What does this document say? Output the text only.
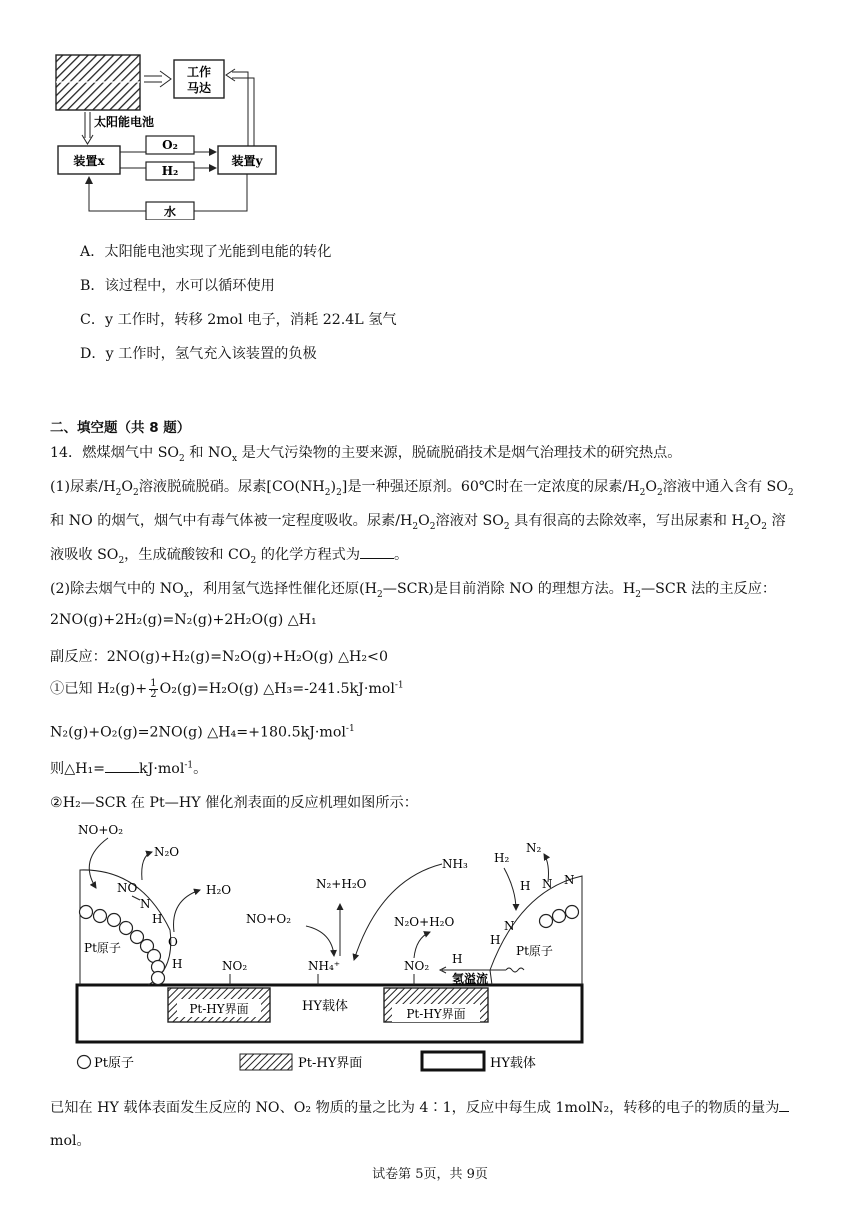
工作
马达
太阳能电池
装置x	装置y
O₂
H₂
水
A．太阳能电池实现了光能到电能的转化
B．该过程中，水可以循环使用
C．y 工作时，转移 2mol 电子，消耗 22.4L 氢气
D．y 工作时，氢气充入该装置的负极
二、填空题（共 8 题）
14．燃煤烟气中 $SO_2$ 和 $NO_x$ 是大气污染物的主要来源，脱硫脱硝技术是烟气治理技术的研究热点。
(1)尿素$/H_2O_2$溶液脱硫脱硝。尿素$[CO(NH_2)_2]$是一种强还原剂。60℃时在一定浓度的尿素$/H_2O_2$溶液中通入含有 $SO_2$
和 NO 的烟气，烟气中有毒气体被一定程度吸收。尿素$/H_2O_2$溶液对 $SO_2$ 具有很高的去除效率，写出尿素和 $H_2O_2$ 溶
液吸收 $SO_2$，生成硫酸铵和 $CO_2$ 的化学方程式为 。
(2)除去烟气中的 $NO_x$，利用氢气选择性催化还原$(H_2—SCR)$是目前消除 NO 的理想方法。$H_2—SCR$ 法的主反应：
2NO(g)+2H₂(g)=N₂(g)+2H₂O(g) △H₁
副反应：2NO(g)+H₂(g)=N₂O(g)+H₂O(g) △H₂<0
①已知 $H_2(g)+ \frac{1}{2} O_2(g)=H_2O(g)$ △H₃=-241.5kJ·mol$^{-1}$
N₂(g)+O₂(g)=2NO(g) △H₄=+180.5kJ·mol$^{-1}$
则△H₁= kJ·mol$^{-1}$。
②H₂—SCR 在 Pt—HY 催化剂表面的反应机理如图所示：
HY载体
Pt-HY界面	Pt-HY界面
Pt原子
NO+O₂
NO
N₂O
N
H
O
H
H₂O
NO₂
NO+O₂
N₂+H₂O
NH₄⁺
NH₃
N₂O+H₂O
NO₂ H
氢溢流
Pt原子
H₂
N₂
H N N
N
H
Pt原子	Pt-HY界面	HY载体
已知在 HY 载体表面发生反应的 NO、O₂ 物质的量之比为 4∶1，反应中每生成 1molN₂，转移的电子的物质的量为
mol。
试卷第 5页，共 9页
